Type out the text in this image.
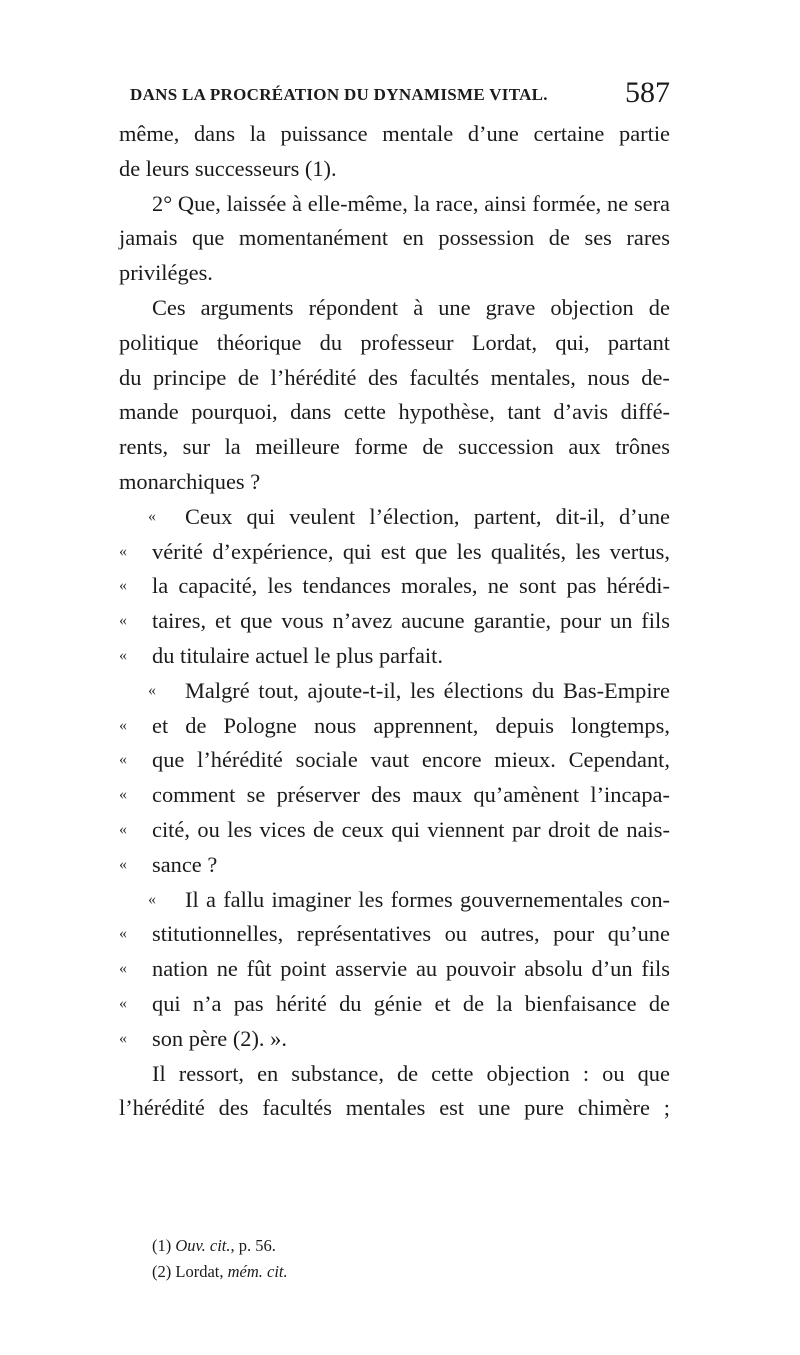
DANS LA PROCRÉATION DU DYNAMISME VITAL.	587
même, dans la puissance mentale d’une certaine partie
de leurs successeurs (1).
2° Que, laissée à elle-même, la race, ainsi formée, ne sera
jamais que momentanément en possession de ses rares
priviléges.
Ces arguments répondent à une grave objection de
politique théorique du professeur Lordat, qui, partant
du principe de l’hérédité des facultés mentales, nous de-
mande pourquoi, dans cette hypothèse, tant d’avis diffé-
rents, sur la meilleure forme de succession aux trônes
monarchiques ?
«	Ceux qui veulent l’élection, partent, dit-il, d’une
«	vérité d’expérience, qui est que les qualités, les vertus,
«	la capacité, les tendances morales, ne sont pas hérédi-
«	taires, et que vous n’avez aucune garantie, pour un fils
«	du titulaire actuel le plus parfait.
«	Malgré tout, ajoute-t-il, les élections du Bas-Empire
«	et de Pologne nous apprennent, depuis longtemps,
«	que l’hérédité sociale vaut encore mieux. Cependant,
«	comment se préserver des maux qu’amènent l’incapa-
«	cité, ou les vices de ceux qui viennent par droit de nais-
«	sance ?
«	Il a fallu imaginer les formes gouvernementales con-
«	stitutionnelles, représentatives ou autres, pour qu’une
«	nation ne fût point asservie au pouvoir absolu d’un fils
«	qui n’a pas hérité du génie et de la bienfaisance de
«	son père (2). ».
Il ressort, en substance, de cette objection : ou que
l’hérédité des facultés mentales est une pure chimère ;
(1) Ouv. cit., p. 56.
(2) Lordat, mém. cit.
